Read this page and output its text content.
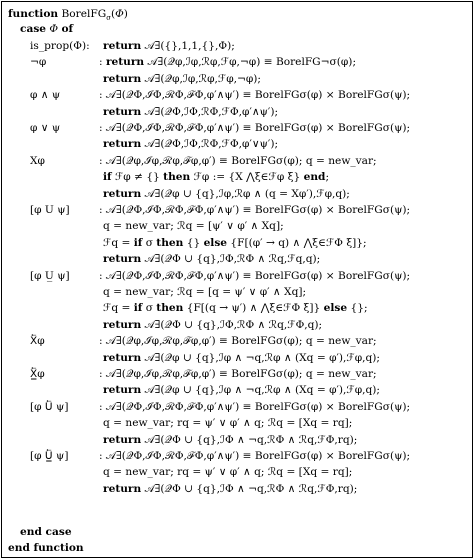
function BorelFG$_\sigma$(Φ)
case Φ of
is_prop(Φ): return 𝒜∃({},1,1,{},Φ);
¬φ	: return 𝒜∃(𝒬φ,ℐφ,ℛφ,ℱφ,¬φ) ≡ BorelFG¬σ(φ);
return 𝒜∃(𝒬φ,ℐφ,ℛφ,ℱφ,¬φ);
φ ∧ ψ	: 𝒜∃(𝒬Φ,ℐΦ,ℛΦ,ℱΦ,φ′∧ψ′) ≡ BorelFGσ(φ) × BorelFGσ(ψ);
return 𝒜∃(𝒬Φ,ℐΦ,ℛΦ,ℱΦ,φ′∧ψ′);
φ ∨ ψ	: 𝒜∃(𝒬Φ,ℐΦ,ℛΦ,ℱΦ,φ′∧ψ′) ≡ BorelFGσ(φ) × BorelFGσ(ψ);
return 𝒜∃(𝒬Φ,ℐΦ,ℛΦ,ℱΦ,φ′∨ψ′);
Xφ	: 𝒜∃(𝒬φ,ℐφ,ℛφ,ℱφ,φ′) ≡ BorelFGσ(φ); q = new_var;
if ℱφ ≠ {} then ℱφ := {X ⋀ξ∈ℱφ ξ} end;
return 𝒜∃(𝒬φ ∪ {q},ℐφ,ℛφ ∧ (q = Xφ′),ℱφ,q);
[φ U ψ]	: 𝒜∃(𝒬Φ,ℐΦ,ℛΦ,ℱΦ,φ′∧ψ′) ≡ BorelFGσ(φ) × BorelFGσ(ψ);
q = new_var; ℛq = [ψ′ ∨ φ′ ∧ Xq];
ℱq = if σ then {} else {F[(φ′ → q) ∧ ⋀ξ∈ℱΦ ξ]};
return 𝒜∃(𝒬Φ ∪ {q},ℐΦ,ℛΦ ∧ ℛq,ℱq,q);
[φ U̲ ψ]	: 𝒜∃(𝒬Φ,ℐΦ,ℛΦ,ℱΦ,φ′∧ψ′) ≡ BorelFGσ(φ) × BorelFGσ(ψ);
q = new_var; ℛq = [q = ψ′ ∨ φ′ ∧ Xq];
ℱq = if σ then {F[(q → ψ′) ∧ ⋀ξ∈ℱΦ ξ]} else {};
return 𝒜∃(𝒬Φ ∪ {q},ℐΦ,ℛΦ ∧ ℛq,ℱΦ,q);
X⃖φ	: 𝒜∃(𝒬φ,ℐφ,ℛφ,ℱφ,φ′) ≡ BorelFGσ(φ); q = new_var;
return 𝒜∃(𝒬φ ∪ {q},ℐφ ∧ ¬q,ℛφ ∧ (Xq = φ′),ℱφ,q);
X̲⃖φ	: 𝒜∃(𝒬φ,ℐφ,ℛφ,ℱφ,φ′) ≡ BorelFGσ(φ); q = new_var;
return 𝒜∃(𝒬φ ∪ {q},ℐφ ∧ ¬q,ℛφ ∧ (Xq = φ′),ℱφ,q);
[φ U⃖ ψ]	: 𝒜∃(𝒬Φ,ℐΦ,ℛΦ,ℱΦ,φ′∧ψ′) ≡ BorelFGσ(φ) × BorelFGσ(ψ);
q = new_var; rq = ψ′ ∨ φ′ ∧ q; ℛq = [Xq = rq];
return 𝒜∃(𝒬Φ ∪ {q},ℐΦ ∧ ¬q,ℛΦ ∧ ℛq,ℱΦ,rq);
[φ U̲⃖ ψ]	: 𝒜∃(𝒬Φ,ℐΦ,ℛΦ,ℱΦ,φ′∧ψ′) ≡ BorelFGσ(φ) × BorelFGσ(ψ);
q = new_var; rq = ψ′ ∨ φ′ ∧ q; ℛq = [Xq = rq];
return 𝒜∃(𝒬Φ ∪ {q},ℐΦ ∧ ¬q,ℛΦ ∧ ℛq,ℱΦ,rq);
end case
end function
